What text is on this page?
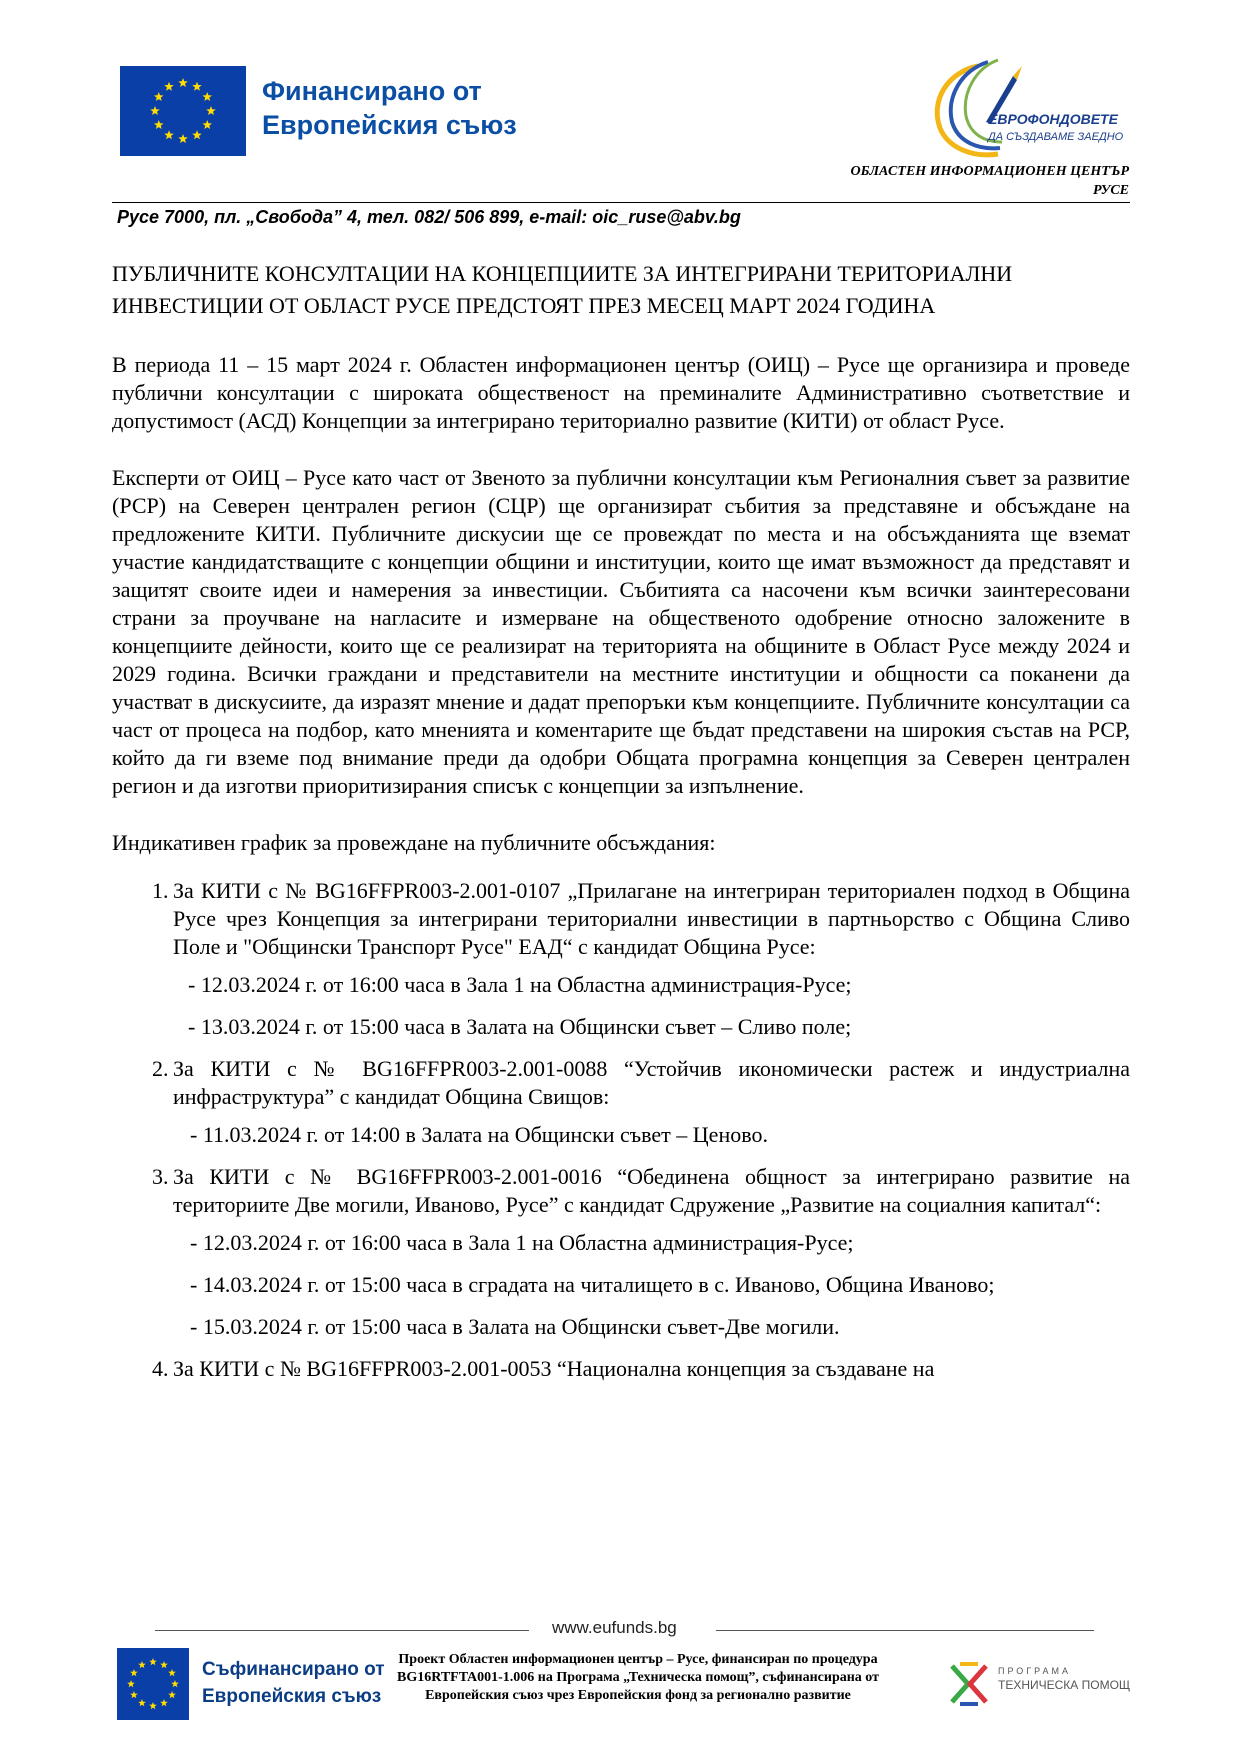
Финансирано от
Европейския съюз	ЕВРОФОНДОВЕТЕ
ДА СЪЗДАВАМЕ ЗАЕДНО
ОБЛАСТЕН ИНФОРМАЦИОНЕН ЦЕНТЪР
РУСЕ
Русе 7000, пл. „Свобода” 4, тел. 082/ 506 899, e-mail: oic_ruse@abv.bg
ПУБЛИЧНИТЕ КОНСУЛТАЦИИ НА КОНЦЕПЦИИТЕ ЗА ИНТЕГРИРАНИ ТЕРИТОРИАЛНИ ИНВЕСТИЦИИ ОТ ОБЛАСТ РУСЕ ПРЕДСТОЯТ ПРЕЗ МЕСЕЦ МАРТ 2024 ГОДИНА

В периода 11 – 15 март 2024 г. Областен информационен център (ОИЦ) – Русе ще организира и проведе публични консултации с широката общественост на преминалите Административно съответствие и допустимост (АСД) Концепции за интегрирано териториално развитие (КИТИ) от област Русе.

Експерти от ОИЦ – Русе като част от Звеното за публични консултации към Регионалния съвет за развитие (РСР) на Северен централен регион (СЦР) ще организират събития за представяне и обсъждане на предложените КИТИ. Публичните дискусии ще се провеждат по места и на обсъжданията ще вземат участие кандидатстващите с концепции общини и институции, които ще имат възможност да представят и защитят своите идеи и намерения за инвестиции. Събитията са насочени към всички заинтересовани страни за проучване на нагласите и измерване на общественото одобрение относно заложените в концепциите дейности, които ще се реализират на територията на общините в Област Русе между 2024 и 2029 година. Всички граждани и представители на местните институции и общности са поканени да участват в дискусиите, да изразят мнение и дадат препоръки към концепциите. Публичните консултации са част от процеса на подбор, като мненията и коментарите ще бъдат представени на широкия състав на РСР, който да ги вземе под внимание преди да одобри Общата програмна концепция за Северен централен регион и да изготви приоритизирания списък с концепции за изпълнение.

Индикативен график за провеждане на публичните обсъждания:

1. За КИТИ с № BG16FFPR003-2.001-0107 „Прилагане на интегриран териториален подход в Община Русе чрез Концепция за интегрирани териториални инвестиции в партньорство с Община Сливо Поле и "Общински Транспорт Русе" ЕАД“ с кандидат Община Русе:
- 12.03.2024 г. от 16:00 часа в Зала 1 на Областна администрация-Русе;
- 13.03.2024 г. от 15:00 часа в Залата на Общински съвет – Сливо поле;
2. За КИТИ с № BG16FFPR003-2.001-0088 “Устойчив икономически растеж и индустриална инфраструктура” с кандидат Община Свищов:
- 11.03.2024 г. от 14:00 в Залата на Общински съвет – Ценово.
3. За КИТИ с № BG16FFPR003-2.001-0016 “Обединена общност за интегрирано развитие на териториите Две могили, Иваново, Русе” с кандидат Сдружение „Развитие на социалния капитал“:
- 12.03.2024 г. от 16:00 часа в Зала 1 на Областна администрация-Русе;
- 14.03.2024 г. от 15:00 часа в сградата на читалището в с. Иваново, Община Иваново;
- 15.03.2024 г. от 15:00 часа в Залата на Общински съвет-Две могили.
4. За КИТИ с № BG16FFPR003-2.001-0053 “Национална концепция за създаване на
www.eufunds.bg
Съфинансирано от
Европейския съюз
Проект Областен информационен център – Русе, финансиран по процедура BG16RTFTA001-1.006 на Програма „Техническа помощ”, съфинансирана от Европейския съюз чрез Европейския фонд за регионално развитие
ПРОГРАМА
ТЕХНИЧЕСКА ПОМОЩ
